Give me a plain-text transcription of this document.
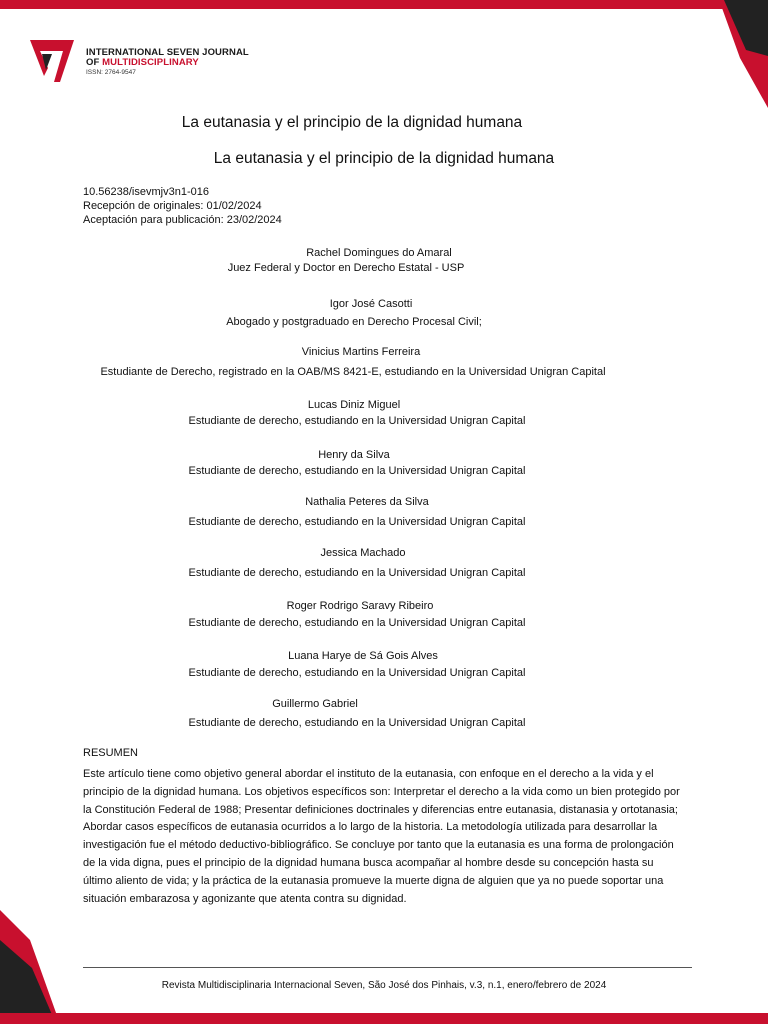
INTERNATIONAL SEVEN JOURNAL
OF MULTIDISCIPLINARY
ISSN: 2764-9547
La eutanasia y el principio de la dignidad humana
La eutanasia y el principio de la dignidad humana
10.56238/isevmjv3n1-016
Recepción de originales: 01/02/2024
Aceptación para publicación: 23/02/2024
Rachel Domingues do Amaral
Juez Federal y Doctor en Derecho Estatal - USP
Igor José Casotti
Abogado y postgraduado en Derecho Procesal Civil;
Vinicius Martins Ferreira
Estudiante de Derecho, registrado en la OAB/MS 8421-E, estudiando en la Universidad Unigran Capital
Lucas Diniz Miguel
Estudiante de derecho, estudiando en la Universidad Unigran Capital
Henry da Silva
Estudiante de derecho, estudiando en la Universidad Unigran Capital
Nathalia Peteres da Silva
Estudiante de derecho, estudiando en la Universidad Unigran Capital
Jessica Machado
Estudiante de derecho, estudiando en la Universidad Unigran Capital
Roger Rodrigo Saravy Ribeiro
Estudiante de derecho, estudiando en la Universidad Unigran Capital
Luana Harye de Sá Gois Alves
Estudiante de derecho, estudiando en la Universidad Unigran Capital
Guillermo Gabriel
Estudiante de derecho, estudiando en la Universidad Unigran Capital
RESUMEN
Este artículo tiene como objetivo general abordar el instituto de la eutanasia, con enfoque en el derecho a la vida y el principio de la dignidad humana. Los objetivos específicos son: Interpretar el derecho a la vida como un bien protegido por la Constitución Federal de 1988; Presentar definiciones doctrinales y diferencias entre eutanasia, distanasia y ortotanasia; Abordar casos específicos de eutanasia ocurridos a lo largo de la historia. La metodología utilizada para desarrollar la investigación fue el método deductivo-bibliográfico. Se concluye por tanto que la eutanasia es una forma de prolongación de la vida digna, pues el principio de la dignidad humana busca acompañar al hombre desde su concepción hasta su último aliento de vida; y la práctica de la eutanasia promueve la muerte digna de alguien que ya no puede soportar una situación embarazosa y agonizante que atenta contra su dignidad.
Revista Multidisciplinaria Internacional Seven, São José dos Pinhais, v.3, n.1, enero/febrero de 2024
